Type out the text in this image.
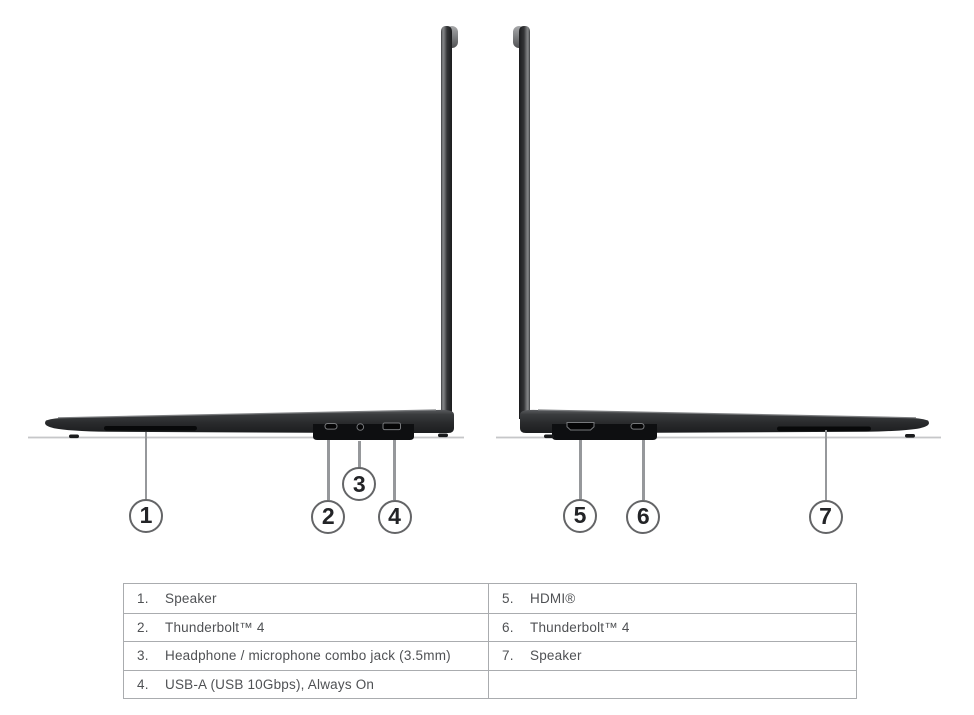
1	2
3
4	5	6	7
1.	Speaker	5.	HDMI®
2.	Thunderbolt™ 4	6.	Thunderbolt™ 4
3.	Headphone / microphone combo jack (3.5mm)	7.	Speaker
4.	USB-A (USB 10Gbps), Always On
